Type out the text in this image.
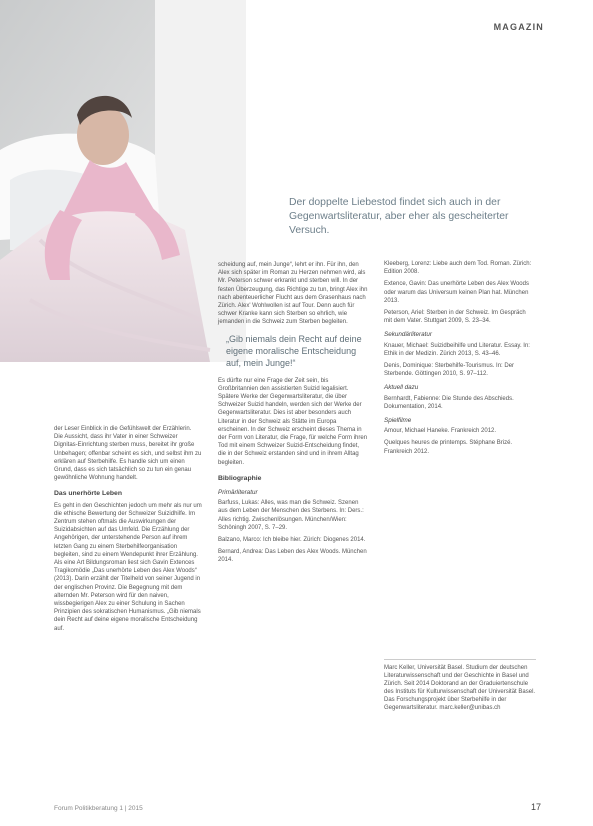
MAGAZIN
Der doppelte Liebestod findet sich auch in der Gegenwartsliteratur, aber eher als gescheiterter Versuch.

der Leser Einblick in die Gefühlswelt der Erzählerin. Die Aussicht, dass ihr Vater in einer Schweizer Dignitas-Einrichtung sterben muss, bereitet ihr große Unbehagen; offenbar scheint es sich, und selbst ihm zu erklären auf Sterbehilfe. Es handle sich um einen Grund, dass es sich tatsächlich so zu tun ein genau gewöhnliche Wohnung handelt.

Das unerhörte Leben

Es geht in den Geschichten jedoch um mehr als nur um die ethische Bewertung der Schweizer Suizidhilfe. Im Zentrum stehen oftmals die Auswirkungen der Suizidabsichten auf das Umfeld. Die Erzählung der Angehörigen, der unterstehende Person auf ihrem letzten Gang zu einem Sterbehilfeorganisation begleiten, sind zu einem Wendepunkt ihrer Erzählung. Als eine Art Bildungsroman liest sich Gavin Extences Tragikomödie „Das unerhörte Leben des Alex Woods“ (2013). Darin erzählt der Titelheld von seiner Jugend in der englischen Provinz. Die Begegnung mit dem alternden Mr. Peterson wird für den naiven, wissbegierigen Alex zu einer Schulung in Sachen Prinzipien des sokratischen Humanismus. „Gib niemals dein Recht auf deine eigene moralische Entscheidung auf.

scheidung auf, mein Junge“, lehrt er ihn. Für ihn, den Alex sich später im Roman zu Herzen nehmen wird, als Mr. Peterson schwer erkrankt und sterben will. In der festen Überzeugung, das Richtige zu tun, bringt Alex ihn nach abenteuerlicher Flucht aus dem Grasenhaus nach Zürich. Alex' Wohlwollen ist auf Tour. Denn auch für schwer Kranke kann sich Sterben so ehrlich, wie jemanden in die Schweiz zum Sterben begleiten.

„Gib niemals dein Recht auf deine eigene moralische Entscheidung auf, mein Junge!“

Es dürfte nur eine Frage der Zeit sein, bis Großbritannien den assistierten Suizid legalisiert. Spätere Werke der Gegenwartsliteratur, die über Schweizer Suizid handeln, werden sich der Werke der Gegenwartsliteratur. Dies ist aber besonders auch Literatur in der Schweiz als Stätte im Europa erscheinen. In der Schweiz erscheint dieses Thema in der Form von Literatur, die Frage, für welche Form ihren Tod mit einem Schweizer Suizid-Entscheidung findet, die in der Schweiz erstanden sind und in ihrem Alltag begleiten.

Bibliographie
Primärliteratur

Barfuss, Lukas: Alles, was man die Schweiz. Szenen aus dem Leben der Menschen des Sterbens. In: Ders.: Alles richtig. Zwischenlösungen. München/Wien: Schöningh 2007, S. 7–29.

Balzano, Marco: Ich bleibe hier. Zürich: Diogenes 2014.

Bernard, Andrea: Das Leben des Alex Woods. München 2014.

Kleeberg, Lorenz: Liebe auch dem Tod. Roman. Zürich: Edition 2008.

Extence, Gavin: Das unerhörte Leben des Alex Woods oder warum das Universum keinen Plan hat. München 2013.

Peterson, Ariel: Sterben in der Schweiz. Im Gespräch mit dem Vater. Stuttgart 2009, S. 23–34.

Sekundärliteratur

Knauer, Michael: Suizidbeihilfe und Literatur. Essay. In: Ethik in der Medizin. Zürich 2013, S. 43–46.

Denis, Dominique: Sterbehilfe-Tourismus. In: Der Sterbende. Göttingen 2010, S. 97–112.

Aktuell dazu

Bernhardt, Fabienne: Die Stunde des Abschieds. Dokumentation, 2014.

Spielfilme

Amour, Michael Haneke. Frankreich 2012.

Quelques heures de printemps. Stéphane Brizé. Frankreich 2012.

Marc Keller, Universität Basel. Studium der deutschen Literaturwissenschaft und der Geschichte in Basel und Zürich. Seit 2014 Doktorand an der Graduiertenschule des Instituts für Kulturwissenschaft der Universität Basel. Das Forschungsprojekt über Sterbehilfe in der Gegenwartsliteratur. marc.keller@unibas.ch
Forum Politikberatung 1 | 2015	17
